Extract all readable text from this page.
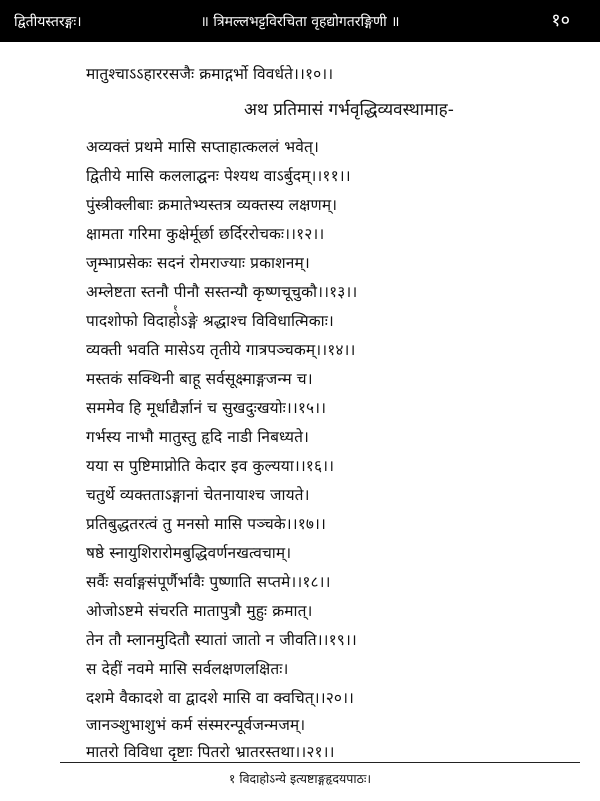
द्वितीयस्तरङ्गः।	॥ त्रिमल्लभट्टविरचिता वृहद्योगतरङ्गिणी ॥	१०
मातुश्चाऽऽहाररसजैः क्रमाद्गर्भो विवर्धते।।१०।।
अथ प्रतिमासं गर्भवृद्धिव्यवस्थामाह-
अव्यक्तं प्रथमे मासि सप्ताहात्कललं भवेत्।
द्वितीये मासि कललाद्घनः पेश्यथ वाऽर्बुदम्।।११।।
पुंस्त्रीक्लीबाः क्रमातेभ्यस्तत्र व्यक्तस्य लक्षणम्।
क्षामता गरिमा कुक्षेर्मूर्छा छर्दिररोचकः।।१२।।
जृम्भाप्रसेकः सदनं रोमराज्याः प्रकाशनम्।
अम्लेष्टता स्तनौ पीनौ सस्तन्यौ कृष्णचूचुकौ।।१३।।
पादशोफो विदाहोऽङ्गे श्रद्धाश्च विविधात्मिकाः।
व्यक्ती भवति मासेऽय तृतीये गात्रपञ्चकम्।।१४।।
मस्तकं सक्थिनी बाहू सर्वसूक्ष्माङ्गजन्म च।
सममेव हि मूर्धाद्यैर्ज्ञानं च सुखदुःखयोः।।१५।।
गर्भस्य नाभौ मातुस्तु हृदि नाडी निबध्यते।
यया स पुष्टिमाप्नोति केदार इव कुल्यया।।१६।।
चतुर्थे व्यक्तताऽङ्गानां चेतनायाश्च जायते।
प्रतिबुद्धतरत्वं तु मनसो मासि पञ्चके।।१७।।
षष्ठे स्नायुशिरारोमबुद्धिवर्णनखत्वचाम्।
सर्वैः सर्वाङ्गसंपूर्णैर्भावैः पुष्णाति सप्तमे।।१८।।
ओजोऽष्टमे संचरति मातापुत्रौ मुहुः क्रमात्।
तेन तौ म्लानमुदितौ स्यातां जातो न जीवति।।१९।।
स देहीं नवमे मासि सर्वलक्षणलक्षितः।
दशमे वैकादशे वा द्वादशे मासि वा क्वचित्।।२०।।
जानञ्शुभाशुभं कर्म संस्मरन्पूर्वजन्मजम्।
मातरो विविधा दृष्टाः पितरो भ्रातरस्तथा।।२१।।
१
१ विदाहोऽन्ये इत्यष्टाङ्गहृदयपाठः।
